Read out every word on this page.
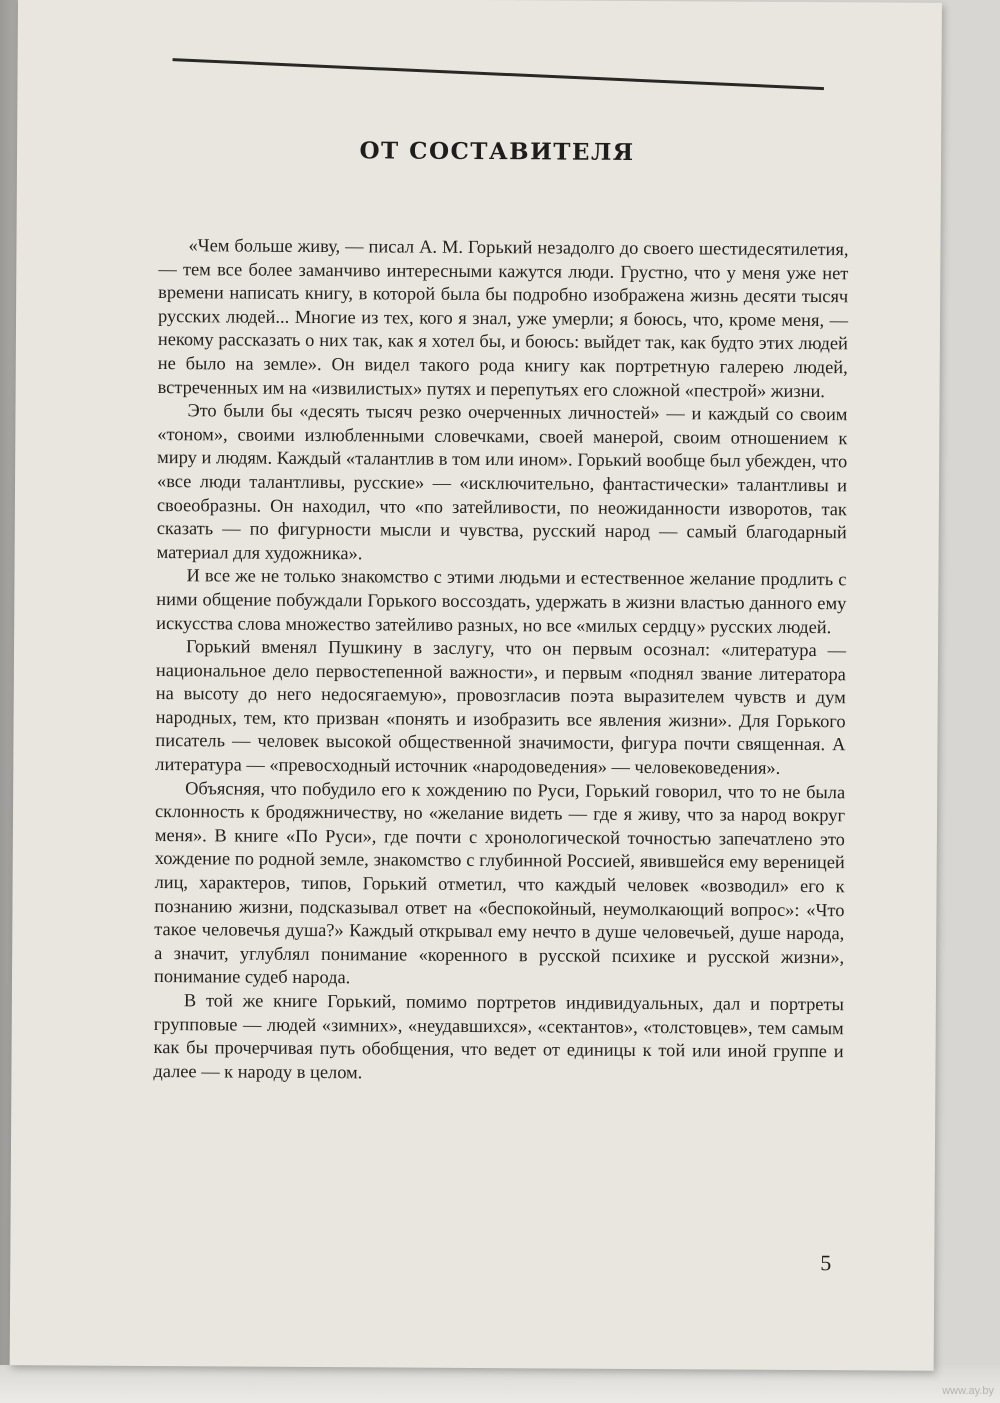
ОТ СОСТАВИТЕЛЯ

«Чем больше живу, — писал А. М. Горький незадолго до своего шестидесятилетия, — тем все более заманчиво интересными кажутся люди. Грустно, что у меня уже нет времени написать книгу, в которой была бы подробно изображена жизнь десяти тысяч русских людей... Многие из тех, кого я знал, уже умерли; я боюсь, что, кроме меня, — некому рассказать о них так, как я хотел бы, и боюсь: выйдет так, как будто этих людей не было на земле». Он видел такого рода книгу как портретную галерею людей, встреченных им на «извилистых» путях и перепутьях его сложной «пестрой» жизни.

Это были бы «десять тысяч резко очерченных личностей» — и каждый со своим «тоном», своими излюбленными словечками, своей манерой, своим отношением к миру и людям. Каждый «талантлив в том или ином». Горький вообще был убежден, что «все люди талантливы, русские» — «исключительно, фантастически» талантливы и своеобразны. Он находил, что «по затейливости, по неожиданности изворотов, так сказать — по фигурности мысли и чувства, русский народ — самый благодарный материал для художника».

И все же не только знакомство с этими людьми и естественное желание продлить с ними общение побуждали Горького воссоздать, удержать в жизни властью данного ему искусства слова множество затейливо разных, но все «милых сердцу» русских людей.

Горький вменял Пушкину в заслугу, что он первым осознал: «литература — национальное дело первостепенной важности», и первым «поднял звание литератора на высоту до него недосягаемую», провозгласив поэта выразителем чувств и дум народных, тем, кто призван «понять и изобразить все явления жизни». Для Горького писатель — человек высокой общественной значимости, фигура почти священная. А литература — «превосходный источник «народоведения» — человековедения».

Объясняя, что побудило его к хождению по Руси, Горький говорил, что то не была склонность к бродяжничеству, но «желание видеть — где я живу, что за народ вокруг меня». В книге «По Руси», где почти с хронологической точностью запечатлено это хождение по родной земле, знакомство с глубинной Россией, явившейся ему вереницей лиц, характеров, типов, Горький отметил, что каждый человек «возводил» его к познанию жизни, подсказывал ответ на «беспокойный, неумолкающий вопрос»: «Что такое человечья душа?» Каждый открывал ему нечто в душе человечьей, душе народа, а значит, углублял понимание «коренного в русской психике и русской жизни», понимание судеб народа.

В той же книге Горький, помимо портретов индивидуальных, дал и портреты групповые — людей «зимних», «неудавшихся», «сектантов», «толстовцев», тем самым как бы прочерчивая путь обобщения, что ведет от единицы к той или иной группе и далее — к народу в целом.

5
www.ay.by
